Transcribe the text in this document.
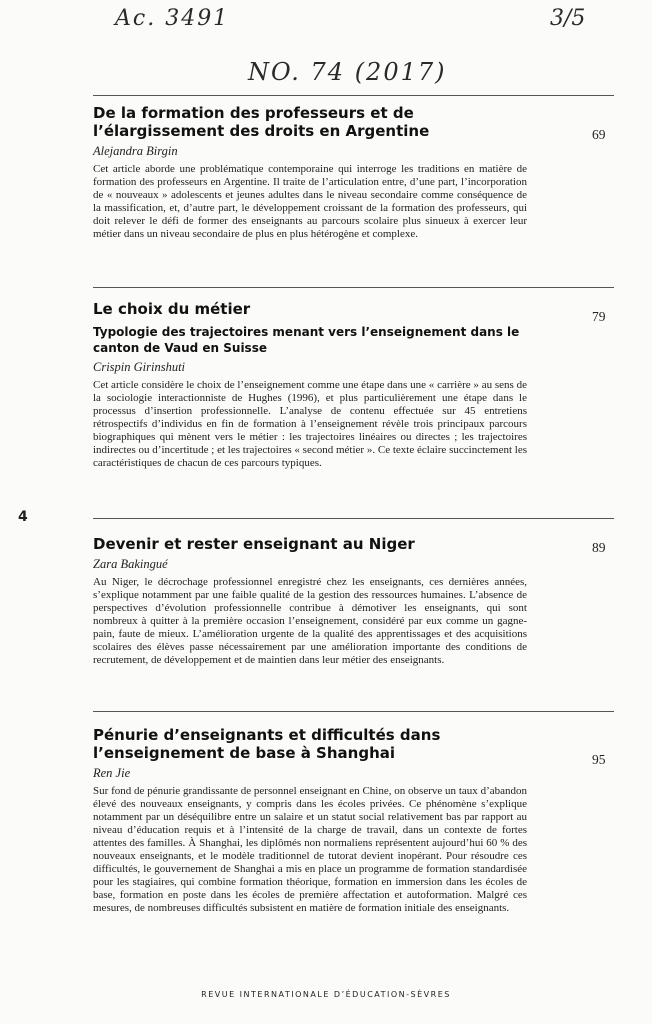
Ac. 3491	3/5
NO. 74 (2017)
De la formation des professeurs et de l’élargissement des droits en Argentine
Alejandra Birgin

Cet article aborde une problématique contemporaine qui interroge les traditions en matière de formation des professeurs en Argentine. Il traite de l’articulation entre, d’une part, l’incorporation de « nouveaux » adolescents et jeunes adultes dans le niveau secondaire comme conséquence de la massification, et, d’autre part, le développement croissant de la formation des professeurs, qui doit relever le défi de former des enseignants au parcours scolaire plus sinueux à exercer leur métier dans un niveau secondaire de plus en plus hétérogène et complexe.

69
Le choix du métier
Typologie des trajectoires menant vers l’enseignement dans le canton de Vaud en Suisse
Crispin Girinshuti

Cet article considère le choix de l’enseignement comme une étape dans une « carrière » au sens de la sociologie interactionniste de Hughes (1996), et plus particulièrement une étape dans le processus d’insertion professionnelle. L’analyse de contenu effectuée sur 45 entretiens rétrospectifs d’individus en fin de formation à l’enseignement révèle trois principaux parcours biographiques qui mènent vers le métier : les trajectoires linéaires ou directes ; les trajectoires indirectes ou d’incertitude ; et les trajectoires « second métier ». Ce texte éclaire succinctement les caractéristiques de chacun de ces parcours typiques.

79
4
Devenir et rester enseignant au Niger
Zara Bakingué

Au Niger, le décrochage professionnel enregistré chez les enseignants, ces dernières années, s’explique notamment par une faible qualité de la gestion des ressources humaines. L’absence de perspectives d’évolution professionnelle contribue à démotiver les enseignants, qui sont nombreux à quitter à la première occasion l’enseignement, considéré par eux comme un gagne-pain, faute de mieux. L’amélioration urgente de la qualité des apprentissages et des acquisitions scolaires des élèves passe nécessairement par une amélioration importante des conditions de recrutement, de développement et de maintien dans leur métier des enseignants.

89
Pénurie d’enseignants et difficultés dans l’enseignement de base à Shanghai
Ren Jie

Sur fond de pénurie grandissante de personnel enseignant en Chine, on observe un taux d’abandon élevé des nouveaux enseignants, y compris dans les écoles privées. Ce phénomène s’explique notamment par un déséquilibre entre un salaire et un statut social relativement bas par rapport au niveau d’éducation requis et à l’intensité de la charge de travail, dans un contexte de fortes attentes des familles. À Shanghai, les diplômés non normaliens représentent aujourd’hui 60 % des nouveaux enseignants, et le modèle traditionnel de tutorat devient inopérant. Pour résoudre ces difficultés, le gouvernement de Shanghai a mis en place un programme de formation standardisée pour les stagiaires, qui combine formation théorique, formation en immersion dans les écoles de base, formation en poste dans les écoles de première affectation et autoformation. Malgré ces mesures, de nombreuses difficultés subsistent en matière de formation initiale des enseignants.

95
REVUE INTERNATIONALE D’ÉDUCATION-SÈVRES
